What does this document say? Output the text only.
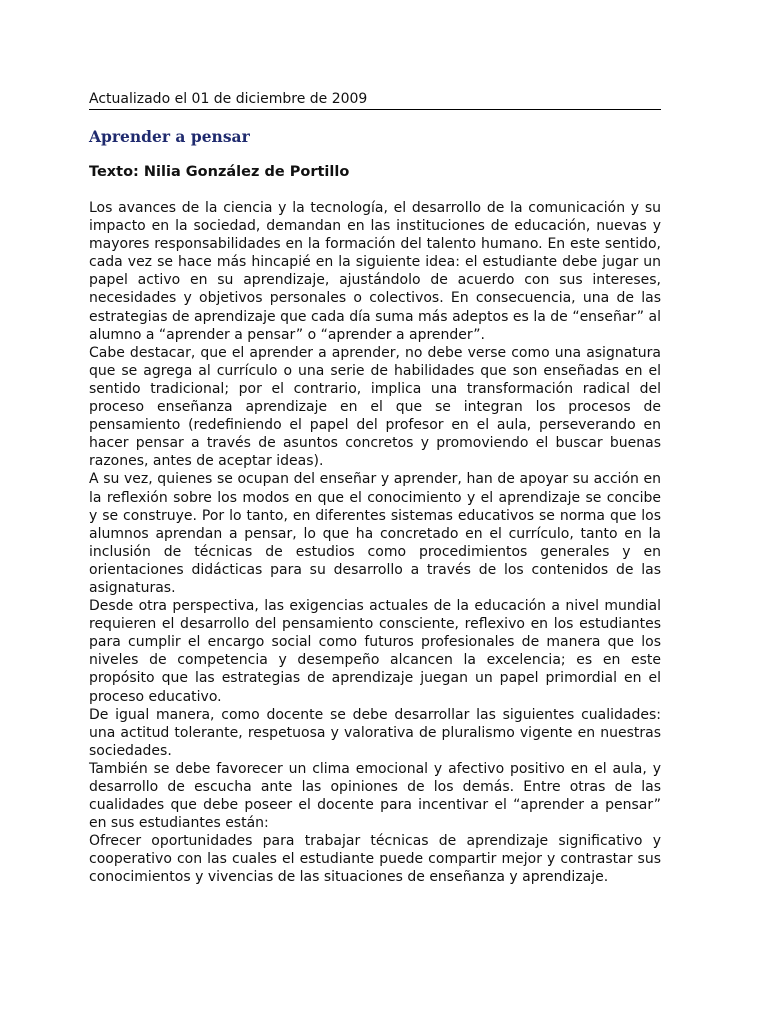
Actualizado el 01 de diciembre de 2009

Aprender a pensar

Texto: Nilia González de Portillo

Los avances de la ciencia y la tecnología, el desarrollo de la comunicación y su impacto en la sociedad, demandan en las instituciones de educación, nuevas y mayores responsabilidades en la formación del talento humano. En este sentido, cada vez se hace más hincapié en la siguiente idea: el estudiante debe jugar un papel activo en su aprendizaje, ajustándolo de acuerdo con sus intereses, necesidades y objetivos personales o colectivos. En consecuencia, una de las estrategias de aprendizaje que cada día suma más adeptos es la de “enseñar” al alumno a “aprender a pensar” o “aprender a aprender”.

Cabe destacar, que el aprender a aprender, no debe verse como una asignatura que se agrega al currículo o una serie de habilidades que son enseñadas en el sentido tradicional; por el contrario, implica una transformación radical del proceso enseñanza aprendizaje en el que se integran los procesos de pensamiento (redefiniendo el papel del profesor en el aula, perseverando en hacer pensar a través de asuntos concretos y promoviendo el buscar buenas razones, antes de aceptar ideas).

A su vez, quienes se ocupan del enseñar y aprender, han de apoyar su acción en la reflexión sobre los modos en que el conocimiento y el aprendizaje se concibe y se construye. Por lo tanto, en diferentes sistemas educativos se norma que los alumnos aprendan a pensar, lo que ha concretado en el currículo, tanto en la inclusión de técnicas de estudios como procedimientos generales y en orientaciones didácticas para su desarrollo a través de los contenidos de las asignaturas.

Desde otra perspectiva, las exigencias actuales de la educación a nivel mundial requieren el desarrollo del pensamiento consciente, reflexivo en los estudiantes para cumplir el encargo social como futuros profesionales de manera que los niveles de competencia y desempeño alcancen la excelencia; es en este propósito que las estrategias de aprendizaje juegan un papel primordial en el proceso educativo.

De igual manera, como docente se debe desarrollar las siguientes cualidades: una actitud tolerante, respetuosa y valorativa de pluralismo vigente en nuestras sociedades.

También se debe favorecer un clima emocional y afectivo positivo en el aula, y desarrollo de escucha ante las opiniones de los demás. Entre otras de las cualidades que debe poseer el docente para incentivar el “aprender a pensar” en sus estudiantes están:

Ofrecer oportunidades para trabajar técnicas de aprendizaje significativo y cooperativo con las cuales el estudiante puede compartir mejor y contrastar sus conocimientos y vivencias de las situaciones de enseñanza y aprendizaje.
